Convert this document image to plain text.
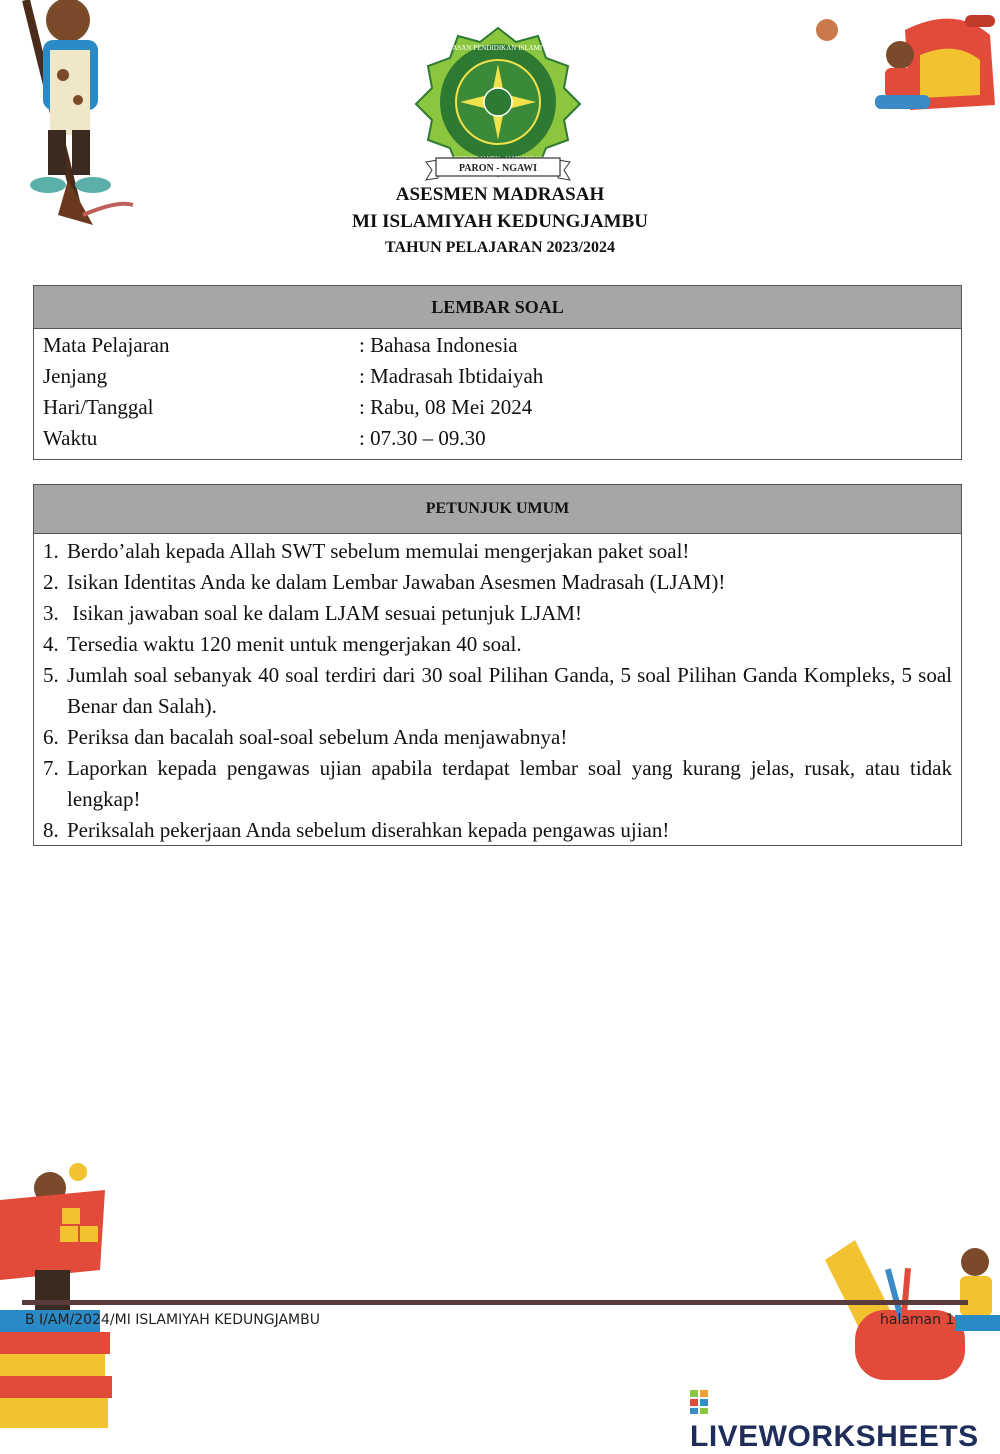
YAYASAN PENDIDIKAN ISLAMIYAH
PARON - NGAWI
ASESMEN MADRASAH
MI ISLAMIYAH KEDUNGJAMBU
TAHUN PELAJARAN 2023/2024
LEMBAR SOAL
Mata Pelajaran	: Bahasa Indonesia
Jenjang	: Madrasah Ibtidaiyah
Hari/Tanggal	: Rabu, 08 Mei 2024
Waktu	: 07.30 – 09.30
PETUNJUK UMUM
1. Berdo’alah kepada Allah SWT sebelum memulai mengerjakan paket soal!
2. Isikan Identitas Anda ke dalam Lembar Jawaban Asesmen Madrasah (LJAM)!
3. Isikan jawaban soal ke dalam LJAM sesuai petunjuk LJAM!
4. Tersedia waktu 120 menit untuk mengerjakan 40 soal.
5. Jumlah soal sebanyak 40 soal terdiri dari 30 soal Pilihan Ganda, 5 soal Pilihan Ganda Kompleks, 5 soal Benar dan Salah).
6. Periksa dan bacalah soal-soal sebelum Anda menjawabnya!
7. Laporkan kepada pengawas ujian apabila terdapat lembar soal yang kurang jelas, rusak, atau tidak lengkap!
8. Periksalah pekerjaan Anda sebelum diserahkan kepada pengawas ujian!
B I/AM/2024/MI ISLAMIYAH KEDUNGJAMBU	halaman 1
LIVEWORKSHEETS
